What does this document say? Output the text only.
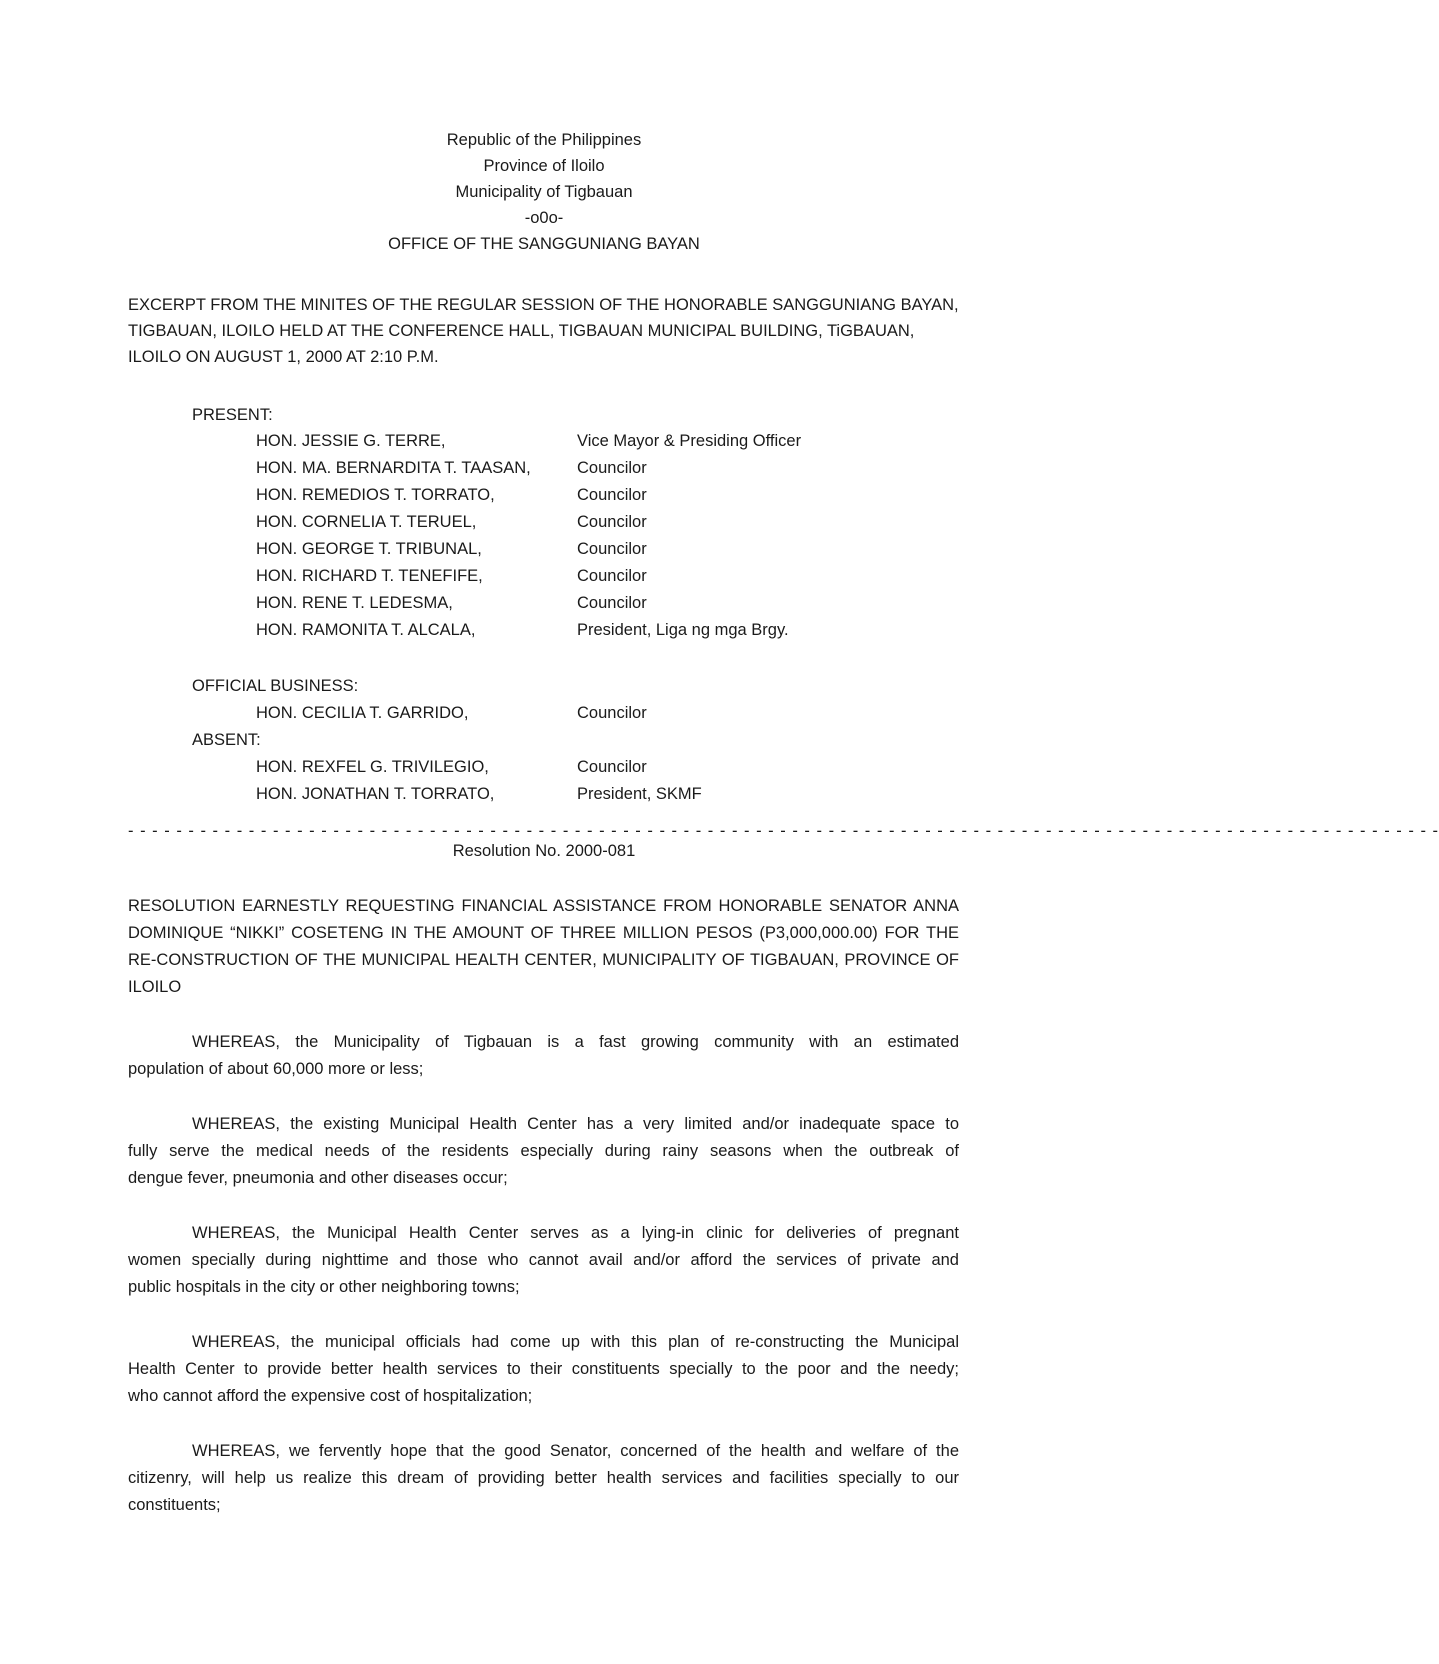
Republic of the Philippines
Province of Iloilo
Municipality of Tigbauan
-o0o-
OFFICE OF THE SANGGUNIANG BAYAN
EXCERPT FROM THE MINITES OF THE REGULAR SESSION OF THE HONORABLE SANGGUNIANG BAYAN,
TIGBAUAN, ILOILO HELD AT THE CONFERENCE HALL, TIGBAUAN MUNICIPAL BUILDING, TiGBAUAN,
ILOILO ON AUGUST 1, 2000 AT 2:10 P.M.
PRESENT:
HON. JESSIE G. TERRE,	Vice Mayor & Presiding Officer
HON. MA. BERNARDITA T. TAASAN,	Councilor
HON. REMEDIOS T. TORRATO,	Councilor
HON. CORNELIA T. TERUEL,	Councilor
HON. GEORGE T. TRIBUNAL,	Councilor
HON. RICHARD T. TENEFIFE,	Councilor
HON. RENE T. LEDESMA,	Councilor
HON. RAMONITA T. ALCALA,	President, Liga ng mga Brgy.
OFFICIAL BUSINESS:
HON. CECILIA T. GARRIDO,	Councilor
ABSENT:
HON. REXFEL G. TRIVILEGIO,	Councilor
HON. JONATHAN T. TORRATO,	President, SKMF
- - - - - - - - - - - - - - - - - - - - - - - - - - - - - - - - - - - - - - - - - - - - - - - - - - - - - - - - - - - - - - - - - - - - - - - - - - - - - - - - - - - - - - - - - - - - - - - - - - - - - - - - - - - - -
Resolution No. 2000-081
RESOLUTION EARNESTLY REQUESTING FINANCIAL ASSISTANCE FROM HONORABLE SENATOR ANNA
DOMINIQUE “NIKKI” COSETENG IN THE AMOUNT OF THREE MILLION PESOS (P3,000,000.00) FOR THE
RE-CONSTRUCTION OF THE MUNICIPAL HEALTH CENTER, MUNICIPALITY OF TIGBAUAN, PROVINCE OF
ILOILO
WHEREAS, the Municipality of Tigbauan is a fast growing community with an estimated
population of about 60,000 more or less;
WHEREAS, the existing Municipal Health Center has a very limited and/or inadequate space to
fully serve the medical needs of the residents especially during rainy seasons when the outbreak of
dengue fever, pneumonia and other diseases occur;
WHEREAS, the Municipal Health Center serves as a lying-in clinic for deliveries of pregnant
women specially during nighttime and those who cannot avail and/or afford the services of private and
public hospitals in the city or other neighboring towns;
WHEREAS, the municipal officials had come up with this plan of re-constructing the Municipal
Health Center to provide better health services to their constituents specially to the poor and the needy;
who cannot afford the expensive cost of hospitalization;
WHEREAS, we fervently hope that the good Senator, concerned of the health and welfare of the
citizenry, will help us realize this dream of providing better health services and facilities specially to our
constituents;
